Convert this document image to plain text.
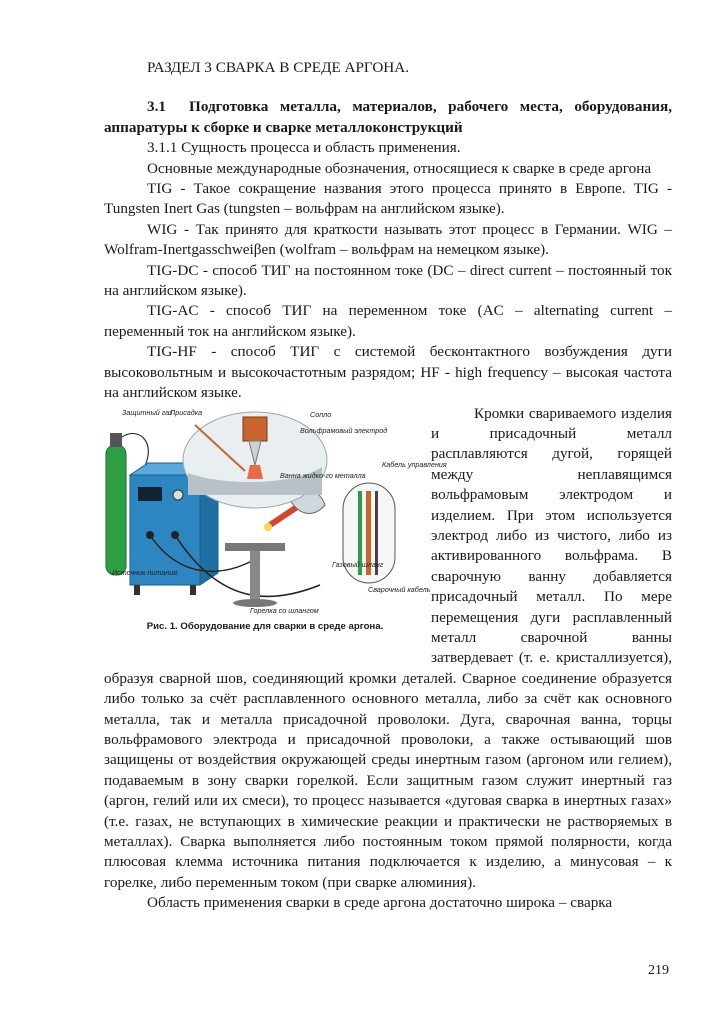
РАЗДЕЛ 3 СВАРКА В СРЕДЕ АРГОНА.

3.1 Подготовка металла, материалов, рабочего места, оборудования, аппаратуры к сборке и сварке металлоконструкций

3.1.1 Сущность процесса и область применения.

Основные международные обозначения, относящиеся к сварке в среде аргона

TIG - Такое сокращение названия этого процесса принято в Европе. TIG - Tungsten Inert Gas (tungsten – вольфрам на английском языке).

WIG - Так принято для краткости называть этот процесс в Германии. WIG – Wolfram-Inertgasschweiβen (wolfram – вольфрам на немецком языке).

TIG-DC - способ ТИГ на постоянном токе (DC – direct current – постоянный ток на английском языке).

TIG-AC - способ ТИГ на переменном токе (AC – alternating current – переменный ток на английском языке).

TIG-HF - способ ТИГ с системой бесконтактного возбуждения дуги высоковольтным и высокочастотным разрядом; HF - high frequency – высокая частота на английском языке.

Защитный газ
Присадка	Сопло
Вольфрамовый электрод
Ванна жидко-го металла
Кабель управления
Газовый шланг
Сварочный кабель
Источник питания
Горелка со шлангом
Рис. 1. Оборудование для сварки в среде аргона.

Кромки свариваемого изделия и присадочный металл расплавляются дугой, горящей между неплавящимся вольфрамовым электродом и изделием. При этом используется электрод либо из чистого, либо из активированного вольфрама. В сварочную ванну добавляется присадочный металл. По мере перемещения дуги расплавленный металл сварочной ванны затвердевает (т. е. кристаллизуется), образуя сварной шов, соединяющий кромки деталей. Сварное соединение образуется либо только за счёт расплавленного основного металла, либо за счёт как основного металла, так и металла присадочной проволоки. Дуга, сварочная ванна, торцы вольфрамового электрода и присадочной проволоки, а также остывающий шов защищены от воздействия окружающей среды инертным газом (аргоном или гелием), подаваемым в зону сварки горелкой. Если защитным газом служит инертный газ (аргон, гелий или их смеси), то процесс называется «дуговая сварка в инертных газах» (т.е. газах, не вступающих в химические реакции и практически не растворяемых в металлах). Сварка выполняется либо постоянным током прямой полярности, когда плюсовая клемма источника питания подключается к изделию, а минусовая – к горелке, либо переменным током (при сварке алюминия).

Область применения сварки в среде аргона достаточно широка – сварка

219
